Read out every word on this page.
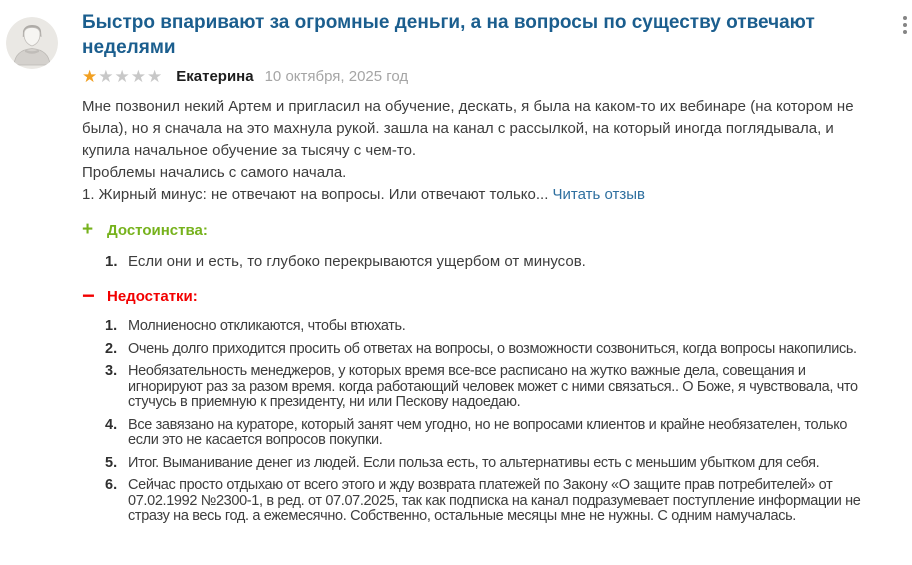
Быстро впаривают за огромные деньги, а на вопросы по существу отвечают неделями
★★★★★ Екатерина 10 октября, 2025 год

Мне позвонил некий Артем и пригласил на обучение, дескать, я была на каком-то их вебинаре (на котором не была), но я сначала на это махнула рукой. зашла на канал с рассылкой, на который иногда поглядывала, и купила начальное обучение за тысячу с чем-то.

Проблемы начались с самого начала.

1. Жирный минус: не отвечают на вопросы. Или отвечают только... Читать отзыв

+ Достоинства:
Если они и есть, то глубоко перекрываются ущербом от минусов.
− Недостатки:
Молниеносно откликаются, чтобы втюхать.
Очень долго приходится просить об ответах на вопросы, о возможности созвониться, когда вопросы накопились.
Необязательность менеджеров, у которых время все-все расписано на жутко важные дела, совещания и игнорируют раз за разом время. когда работающий человек может с ними связаться.. О Боже, я чувствовала, что стучусь в приемную к президенту, ни или Пескову надоедаю.
Все завязано на кураторе, который занят чем угодно, но не вопросами клиентов и крайне необязателен, только если это не касается вопросов покупки.
Итог. Выманивание денег из людей. Если польза есть, то альтернативы есть с меньшим убытком для себя.
Сейчас просто отдыхаю от всего этого и жду возврата платежей по Закону «О защите прав потребителей» от 07.02.1992 №2300-1, в ред. от 07.07.2025, так как подписка на канал подразумевает поступление информации не стразу на весь год. а ежемесячно. Собственно, остальные месяцы мне не нужны. С одним намучалась.
